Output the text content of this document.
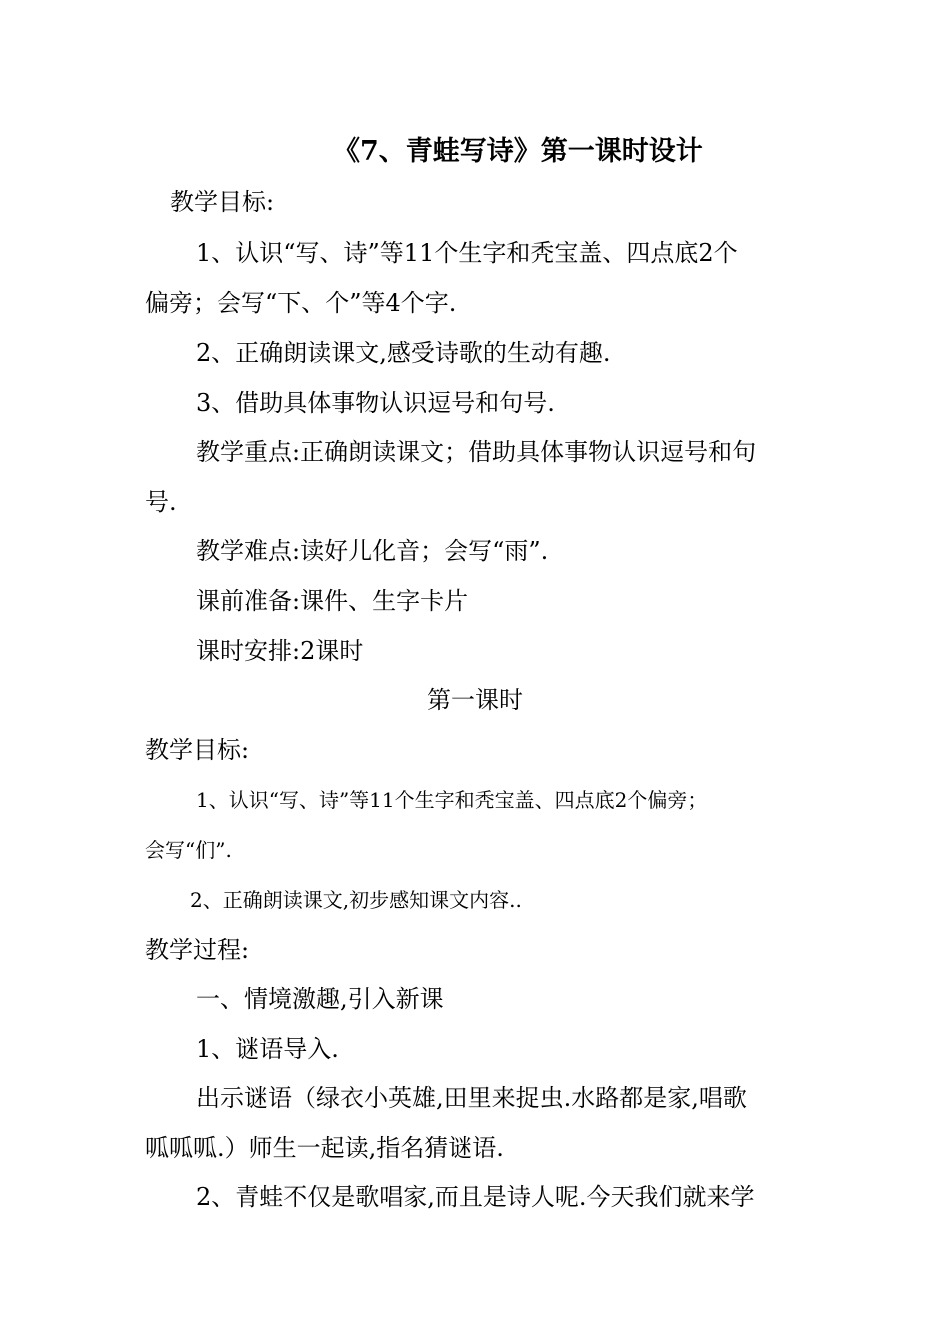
《7、青蛙写诗》第一课时设计
教学目标:
1、认识“写、诗”等11个生字和秃宝盖、四点底2个
偏旁；会写“下、个”等4个字.
2、正确朗读课文,感受诗歌的生动有趣.
3、借助具体事物认识逗号和句号.
教学重点:正确朗读课文；借助具体事物认识逗号和句
号.
教学难点:读好儿化音；会写“雨”.
课前准备:课件、生字卡片
课时安排:2课时
第一课时
教学目标:
1、认识“写、诗”等11个生字和秃宝盖、四点底2个偏旁；
会写“们”.
2、正确朗读课文,初步感知课文内容..
教学过程:
一、情境激趣,引入新课
1、谜语导入.
出示谜语（绿衣小英雄,田里来捉虫.水路都是家,唱歌
呱呱呱.）师生一起读,指名猜谜语.
2、青蛙不仅是歌唱家,而且是诗人呢.今天我们就来学
